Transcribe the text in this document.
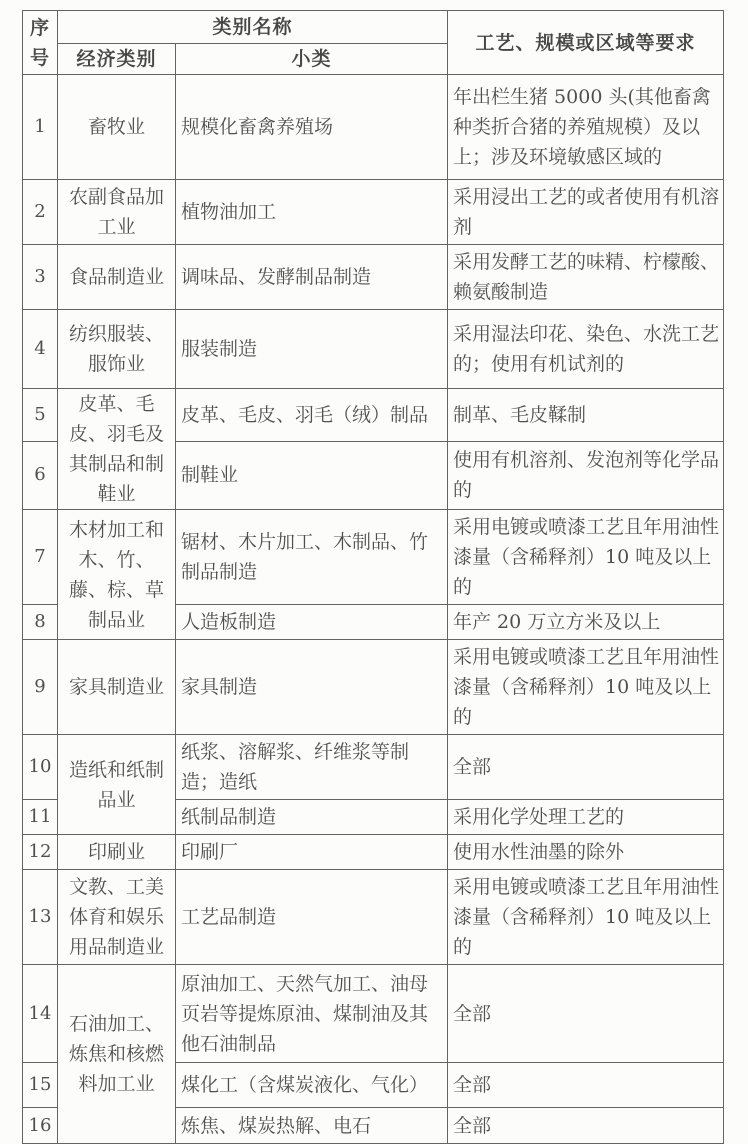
序号	类别名称		工艺、规模或区域等要求
	经济类别	小类	
1	畜牧业	规模化畜禽养殖场	年出栏生猪 5000 头(其他畜禽种类折合猪的养殖规模）及以上；涉及环境敏感区域的
2	农副食品加工业	植物油加工	采用浸出工艺的或者使用有机溶剂
3	食品制造业	调味品、发酵制品制造	采用发酵工艺的味精、柠檬酸、赖氨酸制造
4	纺织服装、服饰业	服装制造	采用湿法印花、染色、水洗工艺的；使用有机试剂的
5	皮革、毛皮、羽毛及其制品和制鞋业	皮革、毛皮、羽毛（绒）制品	制革、毛皮鞣制
6		制鞋业	使用有机溶剂、发泡剂等化学品的
7	木材加工和木、竹、藤、棕、草制品业	锯材、木片加工、木制品、竹制品制造	采用电镀或喷漆工艺且年用油性漆量（含稀释剂）10 吨及以上的
8		人造板制造	年产 20 万立方米及以上
9	家具制造业	家具制造	采用电镀或喷漆工艺且年用油性漆量（含稀释剂）10 吨及以上的
10	造纸和纸制品业	纸浆、溶解浆、纤维浆等制造；造纸	全部
11		纸制品制造	采用化学处理工艺的
12	印刷业	印刷厂	使用水性油墨的除外
13	文教、工美体育和娱乐用品制造业	工艺品制造	采用电镀或喷漆工艺且年用油性漆量（含稀释剂）10 吨及以上的
14	石油加工、炼焦和核燃料加工业	原油加工、天然气加工、油母页岩等提炼原油、煤制油及其他石油制品	全部
15		煤化工（含煤炭液化、气化）	全部
16		炼焦、煤炭热解、电石	全部
